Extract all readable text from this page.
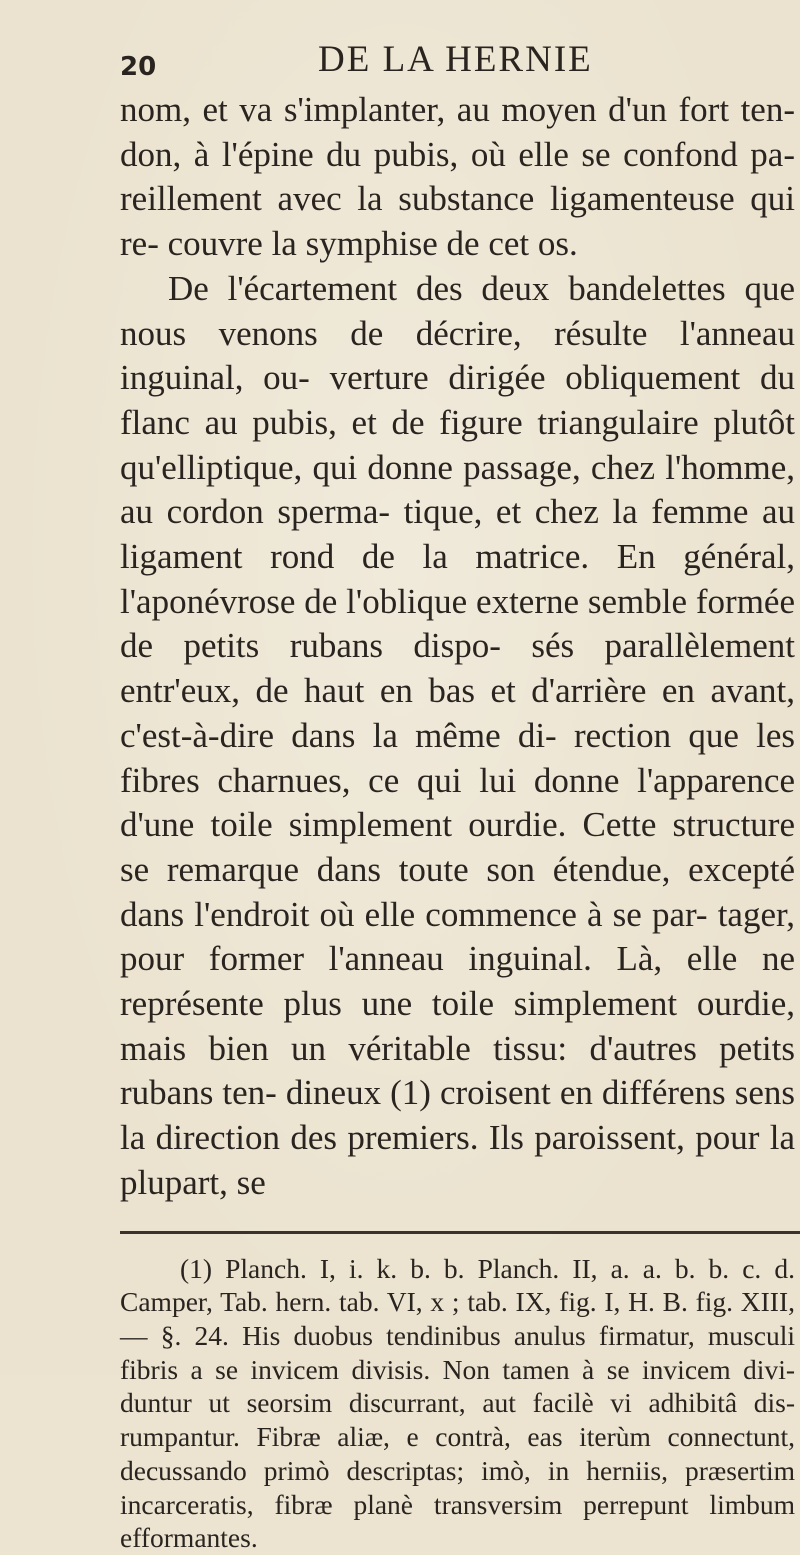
20	DE LA HERNIE

nom, et va s'implanter, au moyen d'un fort ten- don, à l'épine du pubis, où elle se confond pa- reillement avec la substance ligamenteuse qui re- couvre la symphise de cet os.

De l'écartement des deux bandelettes que nous venons de décrire, résulte l'anneau inguinal, ou- verture dirigée obliquement du flanc au pubis, et de figure triangulaire plutôt qu'elliptique, qui donne passage, chez l'homme, au cordon sperma- tique, et chez la femme au ligament rond de la matrice. En général, l'aponévrose de l'oblique externe semble formée de petits rubans dispo- sés parallèlement entr'eux, de haut en bas et d'arrière en avant, c'est-à-dire dans la même di- rection que les fibres charnues, ce qui lui donne l'apparence d'une toile simplement ourdie. Cette structure se remarque dans toute son étendue, excepté dans l'endroit où elle commence à se par- tager, pour former l'anneau inguinal. Là, elle ne représente plus une toile simplement ourdie, mais bien un véritable tissu: d'autres petits rubans ten- dineux (1) croisent en différens sens la direction des premiers. Ils paroissent, pour la plupart, se

(1) Planch. I, i. k. b. b. Planch. II, a. a. b. b. c. d. Camper, Tab. hern. tab. VI, x ; tab. IX, fig. I, H. B. fig. XIII, — §. 24. His duobus tendinibus anulus firmatur, musculi fibris a se invicem divisis. Non tamen à se invicem divi- duntur ut seorsim discurrant, aut facilè vi adhibitâ dis- rumpantur. Fibræ aliæ, e contrà, eas iterùm connectunt, decussando primò descriptas; imò, in herniis, præsertim incarceratis, fibræ planè transversim perrepunt limbum efformantes.
